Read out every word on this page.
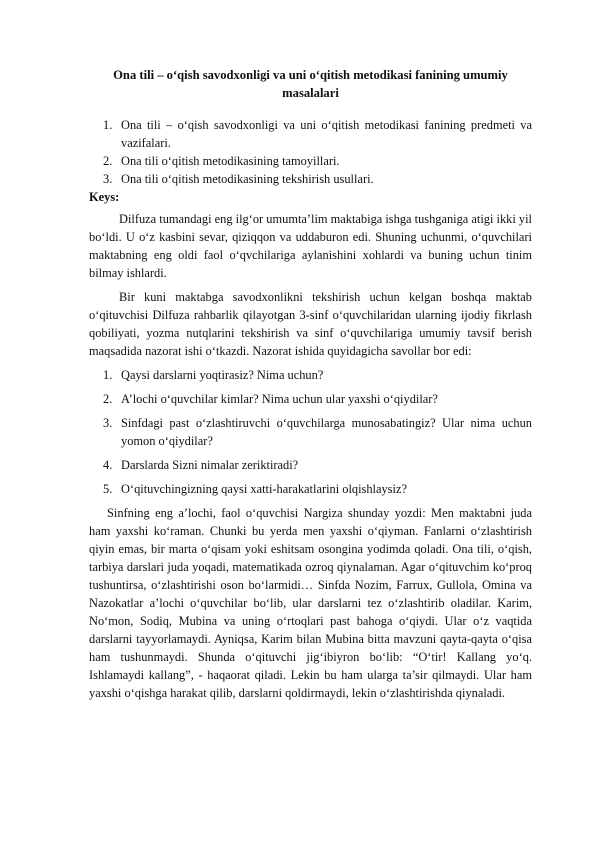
Ona tili – o‘qish savodxonligi va uni o‘qitish metodikasi fanining umumiy masalalari
1. Ona tili – o‘qish savodxonligi va uni o‘qitish metodikasi fanining predmeti va vazifalari.
2. Ona tili o‘qitish metodikasining tamoyillari.
3. Ona tili o‘qitish metodikasining tekshirish usullari.
Keys:

Dilfuza tumandagi eng ilg‘or umumta’lim maktabiga ishga tushganiga atigi ikki yil bo‘ldi. U o‘z kasbini sevar, qiziqqon va uddaburon edi. Shuning uchunmi, o‘quvchilari maktabning eng oldi faol o‘qvchilariga aylanishini xohlardi va buning uchun tinim bilmay ishlardi.

Bir kuni maktabga savodxonlikni tekshirish uchun kelgan boshqa maktab o‘qituvchisi Dilfuza rahbarlik qilayotgan 3-sinf o‘quvchilaridan ularning ijodiy fikrlash qobiliyati, yozma nutqlarini tekshirish va sinf o‘quvchilariga umumiy tavsif berish maqsadida nazorat ishi o‘tkazdi. Nazorat ishida quyidagicha savollar bor edi:

1. Qaysi darslarni yoqtirasiz? Nima uchun?
2. A’lochi o‘quvchilar kimlar? Nima uchun ular yaxshi o‘qiydilar?
3. Sinfdagi past o‘zlashtiruvchi o‘quvchilarga munosabatingiz? Ular nima uchun yomon o‘qiydilar?
4. Darslarda Sizni nimalar zeriktiradi?
5. O‘qituvchingizning qaysi xatti-harakatlarini olqishlaysiz?

Sinfning eng a’lochi, faol o‘quvchisi Nargiza shunday yozdi: Men maktabni juda ham yaxshi ko‘raman. Chunki bu yerda men yaxshi o‘qiyman. Fanlarni o‘zlashtirish qiyin emas, bir marta o‘qisam yoki eshitsam osongina yodimda qoladi. Ona tili, o‘qish, tarbiya darslari juda yoqadi, matematikada ozroq qiynalaman. Agar o‘qituvchim ko‘proq tushuntirsa, o‘zlashtirishi oson bo‘larmidi… Sinfda Nozim, Farrux, Gullola, Omina va Nazokatlar a’lochi o‘quvchilar bo‘lib, ular darslarni tez o‘zlashtirib oladilar. Karim, No‘mon, Sodiq, Mubina va uning o‘rtoqlari past bahoga o‘qiydi. Ular o‘z vaqtida darslarni tayyorlamaydi. Ayniqsa, Karim bilan Mubina bitta mavzuni qayta-qayta o‘qisa ham tushunmaydi. Shunda o‘qituvchi jig‘ibiyron bo‘lib: “O‘tir! Kallang yo‘q. Ishlamaydi kallang”, - haqaorat qiladi. Lekin bu ham ularga ta’sir qilmaydi. Ular ham yaxshi o‘qishga harakat qilib, darslarni qoldirmaydi, lekin o‘zlashtirishda qiynaladi.
